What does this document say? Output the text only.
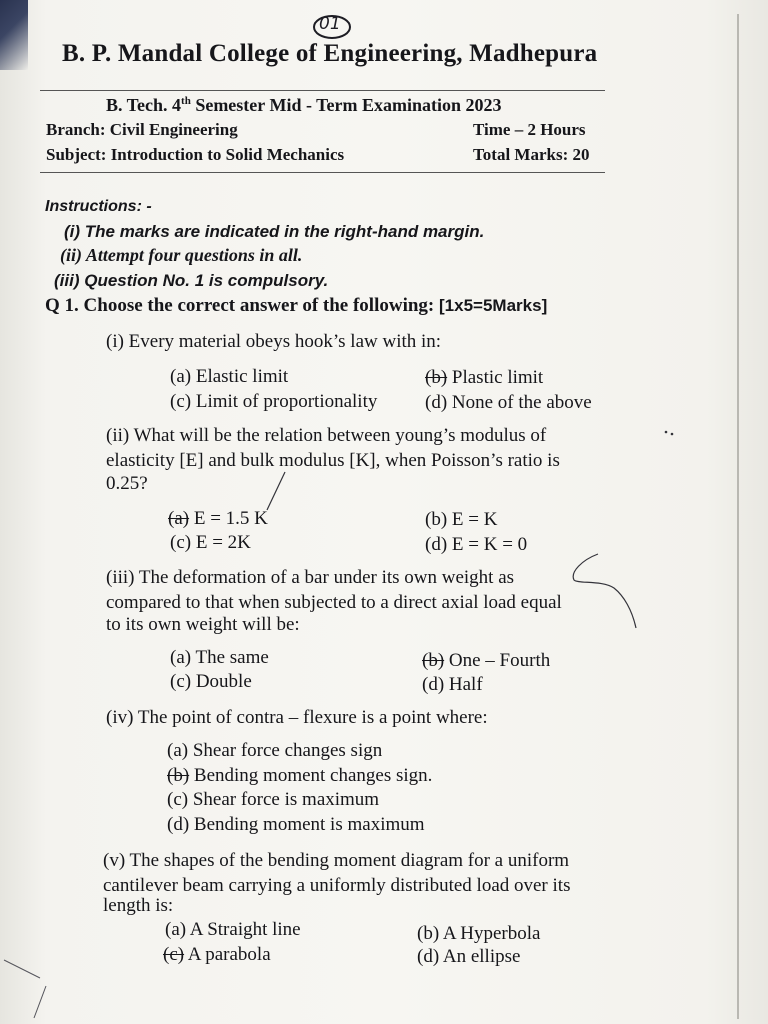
01
B. P. Mandal College of Engineering, Madhepura
B. Tech. 4th Semester Mid - Term Examination 2023
Branch: Civil Engineering	Time – 2 Hours
Subject: Introduction to Solid Mechanics	Total Marks: 20
Instructions: -
(i) The marks are indicated in the right-hand margin.
(ii) Attempt four questions in all.
(iii) Question No. 1 is compulsory.
Q 1. Choose the correct answer of the following: [1x5=5Marks]
(i) Every material obeys hook’s law with in:
(a) Elastic limit	(b) Plastic limit
(c) Limit of proportionality	(d) None of the above
(ii) What will be the relation between young’s modulus of
elasticity [E] and bulk modulus [K], when Poisson’s ratio is
0.25?
(a) E = 1.5 K	(b) E = K
(c) E = 2K	(d) E = K = 0
(iii) The deformation of a bar under its own weight as
compared to that when subjected to a direct axial load equal
to its own weight will be:
(a) The same	(b) One – Fourth
(c) Double	(d) Half
(iv) The point of contra – flexure is a point where:
(a) Shear force changes sign
(b) Bending moment changes sign.
(c) Shear force is maximum
(d) Bending moment is maximum
(v) The shapes of the bending moment diagram for a uniform
cantilever beam carrying a uniformly distributed load over its
length is:
(a) A Straight line	(b) A Hyperbola
(c) A parabola	(d) An ellipse
